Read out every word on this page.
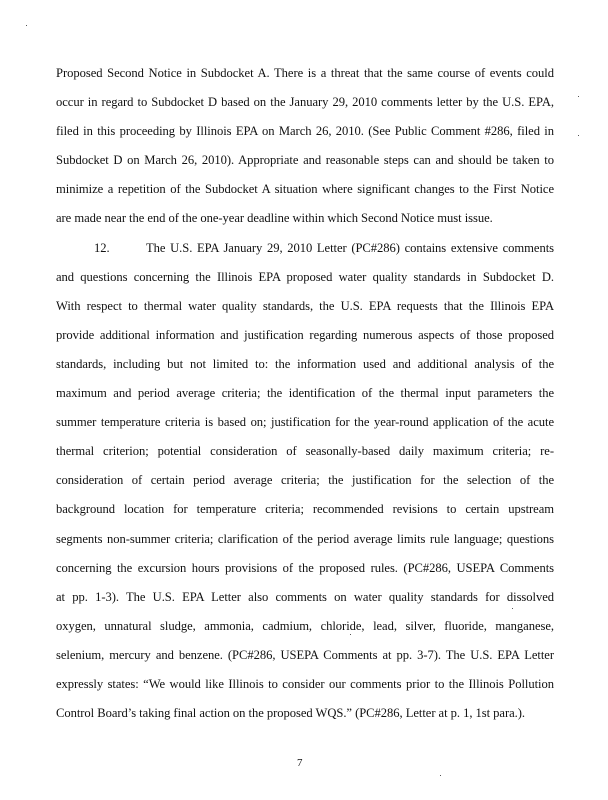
Proposed Second Notice in Subdocket A. There is a threat that the same course of events could
occur in regard to Subdocket D based on the January 29, 2010 comments letter by the U.S. EPA,
filed in this proceeding by Illinois EPA on March 26, 2010. (See Public Comment #286, filed in
Subdocket D on March 26, 2010). Appropriate and reasonable steps can and should be taken to
minimize a repetition of the Subdocket A situation where significant changes to the First Notice
are made near the end of the one-year deadline within which Second Notice must issue.
12.	The U.S. EPA January 29, 2010 Letter (PC#286) contains extensive comments
and questions concerning the Illinois EPA proposed water quality standards in Subdocket D.
With respect to thermal water quality standards, the U.S. EPA requests that the Illinois EPA
provide additional information and justification regarding numerous aspects of those proposed
standards, including but not limited to: the information used and additional analysis of the
maximum and period average criteria; the identification of the thermal input parameters the
summer temperature criteria is based on; justification for the year-round application of the acute
thermal criterion; potential consideration of seasonally-based daily maximum criteria; re-
consideration of certain period average criteria; the justification for the selection of the
background location for temperature criteria; recommended revisions to certain upstream
segments non-summer criteria; clarification of the period average limits rule language; questions
concerning the excursion hours provisions of the proposed rules. (PC#286, USEPA Comments
at pp. 1-3). The U.S. EPA Letter also comments on water quality standards for dissolved
oxygen, unnatural sludge, ammonia, cadmium, chloride, lead, silver, fluoride, manganese,
selenium, mercury and benzene. (PC#286, USEPA Comments at pp. 3-7). The U.S. EPA Letter
expressly states: “We would like Illinois to consider our comments prior to the Illinois Pollution
Control Board’s taking final action on the proposed WQS.” (PC#286, Letter at p. 1, 1st para.).
7
